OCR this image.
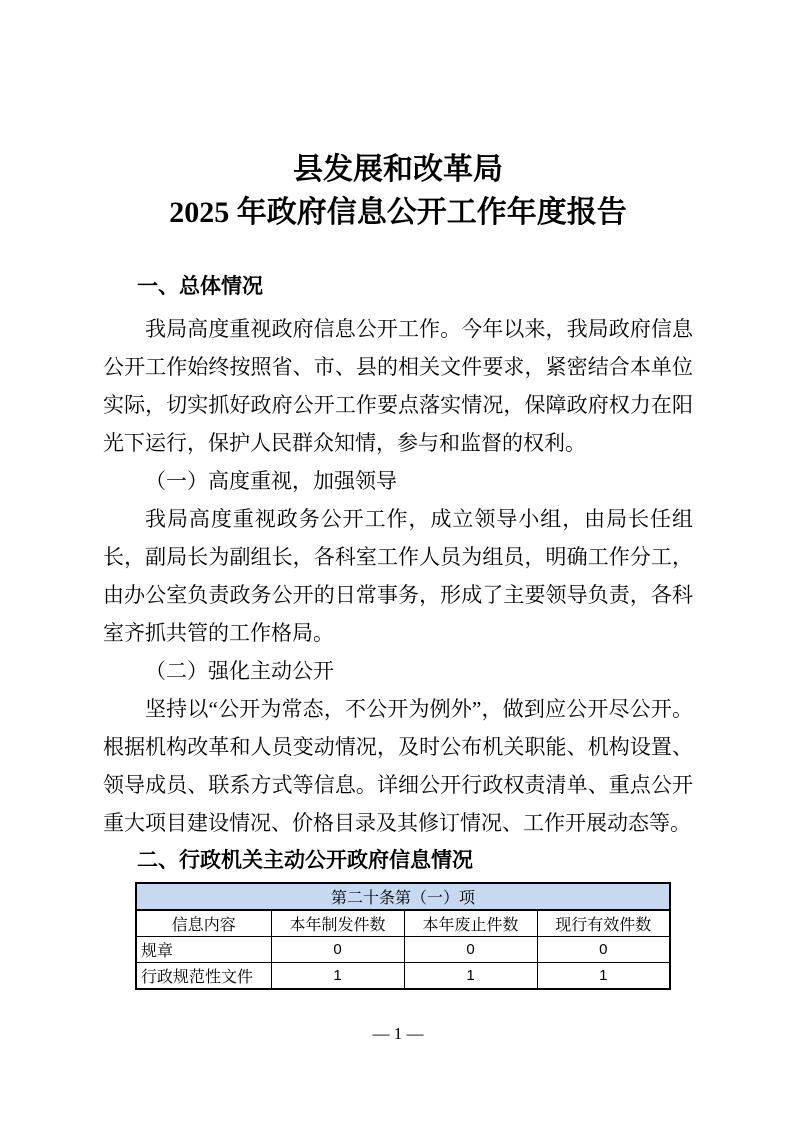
县发展和改革局
2025 年政府信息公开工作年度报告

一、总体情况

我局高度重视政府信息公开工作。今年以来，我局政府信息公开工作始终按照省、市、县的相关文件要求，紧密结合本单位实际，切实抓好政府公开工作要点落实情况，保障政府权力在阳光下运行，保护人民群众知情，参与和监督的权利。

（一）高度重视，加强领导

我局高度重视政务公开工作，成立领导小组，由局长任组长，副局长为副组长，各科室工作人员为组员，明确工作分工，由办公室负责政务公开的日常事务，形成了主要领导负责，各科室齐抓共管的工作格局。

（二）强化主动公开

坚持以“公开为常态，不公开为例外”，做到应公开尽公开。根据机构改革和人员变动情况，及时公布机关职能、机构设置、领导成员、联系方式等信息。详细公开行政权责清单、重点公开重大项目建设情况、价格目录及其修订情况、工作开展动态等。

二、行政机关主动公开政府信息情况

第二十条第（一）项			
信息内容	本年制发件数	本年废止件数	现行有效件数
规章	0	0	0
行政规范性文件	1	1	1
— 1 —
